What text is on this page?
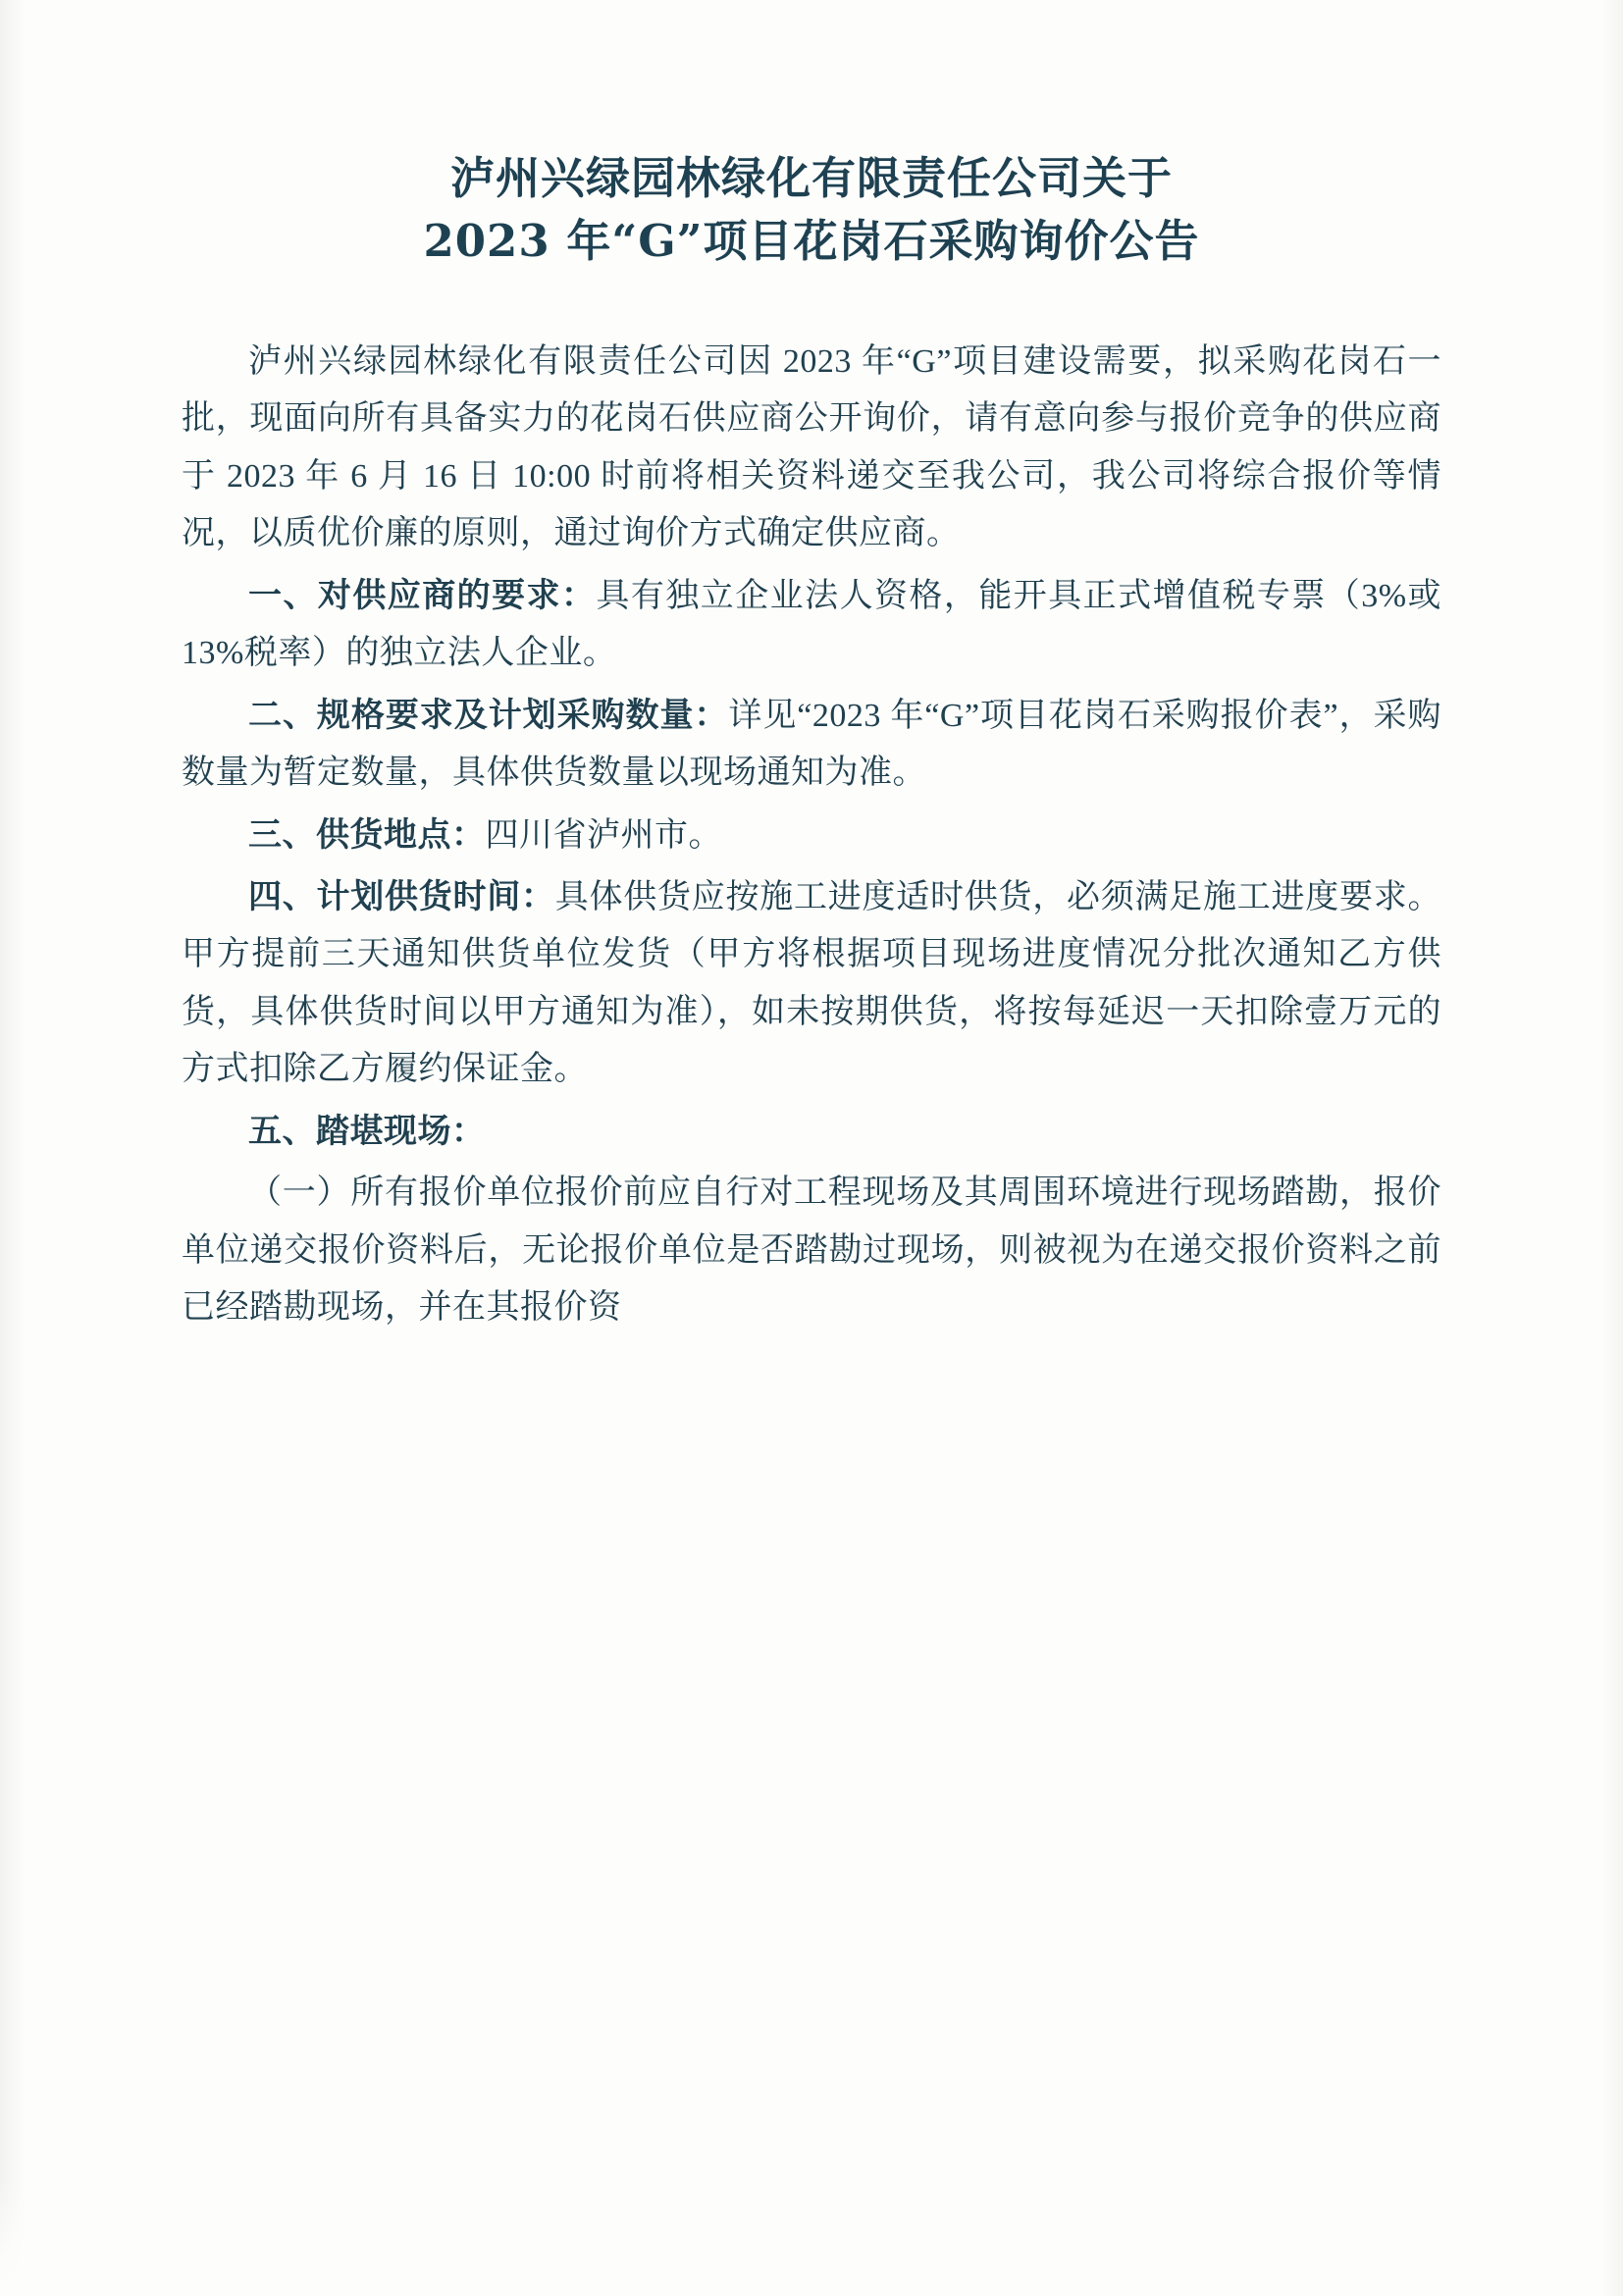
泸州兴绿园林绿化有限责任公司关于
2023 年“G”项目花岗石采购询价公告

泸州兴绿园林绿化有限责任公司因 2023 年“G”项目建设需要，拟采购花岗石一批，现面向所有具备实力的花岗石供应商公开询价，请有意向参与报价竞争的供应商于 2023 年 6 月 16 日 10:00 时前将相关资料递交至我公司，我公司将综合报价等情况，以质优价廉的原则，通过询价方式确定供应商。

一、对供应商的要求：具有独立企业法人资格，能开具正式增值税专票（3%或 13%税率）的独立法人企业。

二、规格要求及计划采购数量：详见“2023 年“G”项目花岗石采购报价表”，采购数量为暂定数量，具体供货数量以现场通知为准。

三、供货地点：四川省泸州市。

四、计划供货时间：具体供货应按施工进度适时供货，必须满足施工进度要求。甲方提前三天通知供货单位发货（甲方将根据项目现场进度情况分批次通知乙方供货，具体供货时间以甲方通知为准），如未按期供货，将按每延迟一天扣除壹万元的方式扣除乙方履约保证金。

五、踏堪现场：

（一）所有报价单位报价前应自行对工程现场及其周围环境进行现场踏勘，报价单位递交报价资料后，无论报价单位是否踏勘过现场，则被视为在递交报价资料之前已经踏勘现场，并在其报价资
